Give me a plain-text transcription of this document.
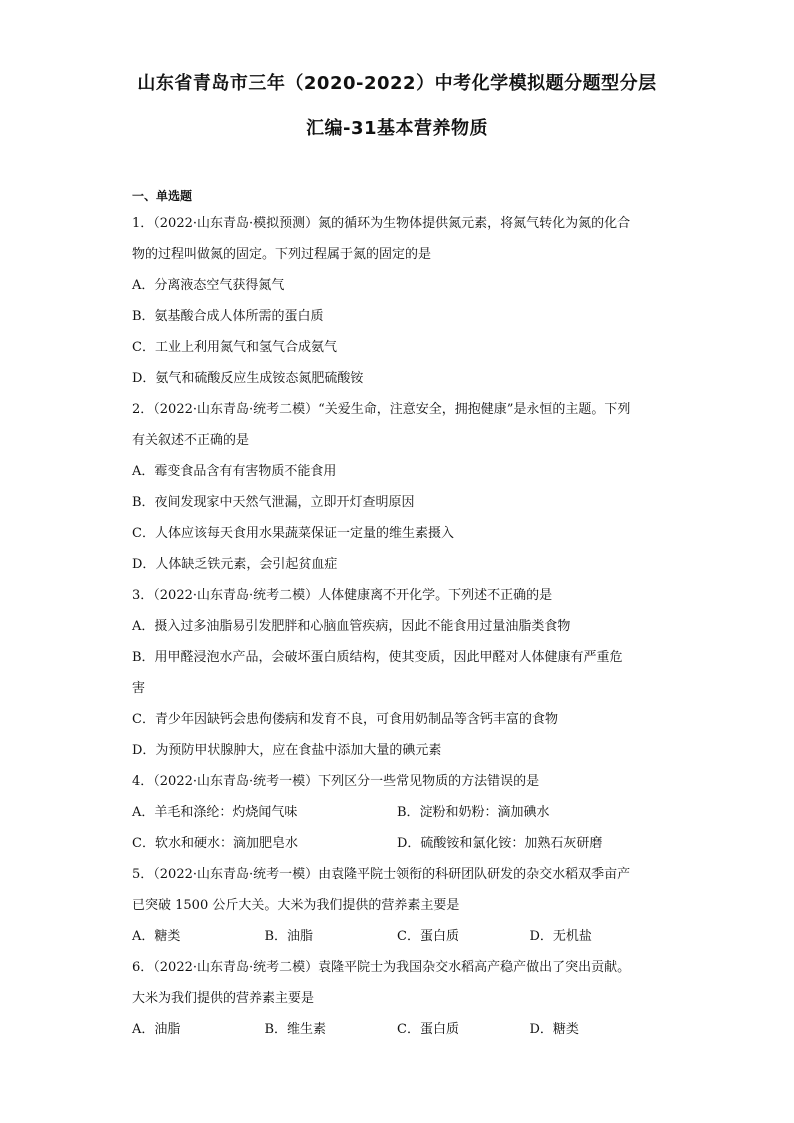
山东省青岛市三年（2020-2022）中考化学模拟题分题型分层
汇编-31基本营养物质
一、单选题
1．（2022·山东青岛·模拟预测）氮的循环为生物体提供氮元素，将氮气转化为氮的化合
物的过程叫做氮的固定。下列过程属于氮的固定的是
A．分离液态空气获得氮气
B．氨基酸合成人体所需的蛋白质
C．工业上利用氮气和氢气合成氨气
D．氨气和硫酸反应生成铵态氮肥硫酸铵
2．（2022·山东青岛·统考二模）“关爱生命，注意安全，拥抱健康”是永恒的主题。下列
有关叙述不正确的是
A．霉变食品含有有害物质不能食用
B．夜间发现家中天然气泄漏，立即开灯查明原因
C．人体应该每天食用水果蔬菜保证一定量的维生素摄入
D．人体缺乏铁元素，会引起贫血症
3．（2022·山东青岛·统考二模）人体健康离不开化学。下列述不正确的是
A．摄入过多油脂易引发肥胖和心脑血管疾病，因此不能食用过量油脂类食物
B．用甲醛浸泡水产品，会破坏蛋白质结构，使其变质，因此甲醛对人体健康有严重危
害
C．青少年因缺钙会患佝偻病和发育不良，可食用奶制品等含钙丰富的食物
D．为预防甲状腺肿大，应在食盐中添加大量的碘元素
4．（2022·山东青岛·统考一模）下列区分一些常见物质的方法错误的是
A．羊毛和涤纶：灼烧闻气味	B．淀粉和奶粉：滴加碘水
C．软水和硬水：滴加肥皂水	D．硫酸铵和氯化铵：加熟石灰研磨
5．（2022·山东青岛·统考一模）由袁隆平院士领衔的科研团队研发的杂交水稻双季亩产
已突破 1500 公斤大关。大米为我们提供的营养素主要是
A．糖类	B．油脂	C．蛋白质	D．无机盐
6．（2022·山东青岛·统考二模）袁隆平院士为我国杂交水稻高产稳产做出了突出贡献。
大米为我们提供的营养素主要是
A．油脂	B．维生素	C．蛋白质	D．糖类
